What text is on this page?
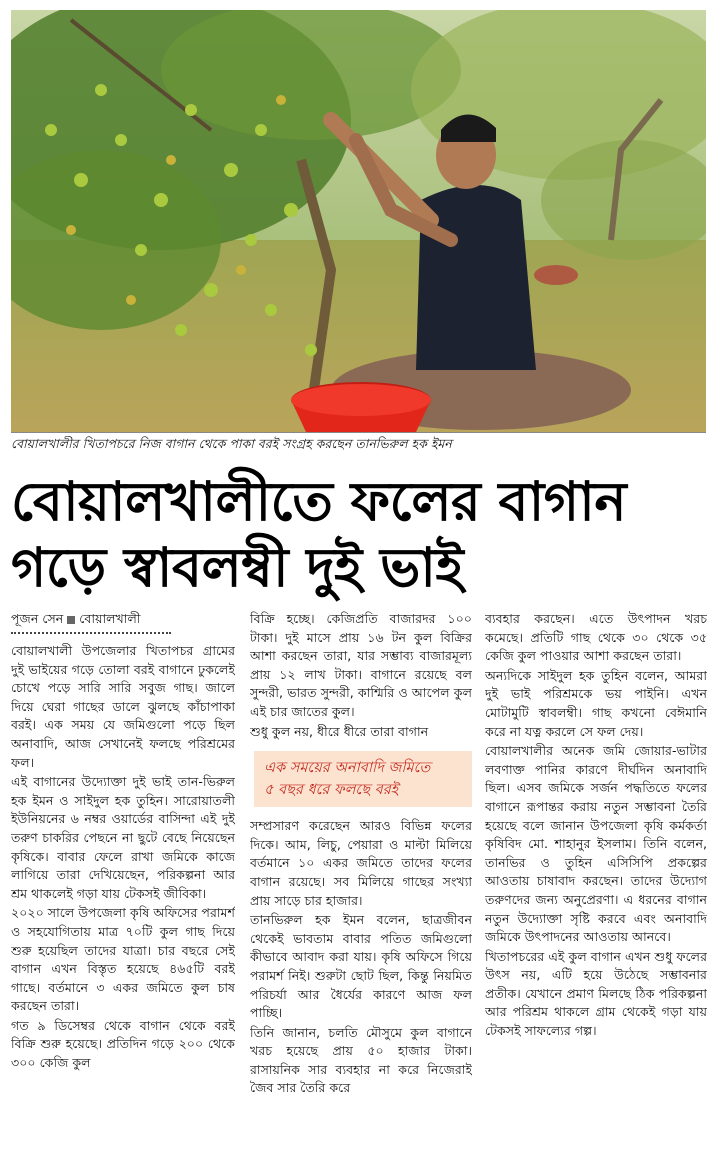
বোয়ালখালীর খিতাপচরে নিজ বাগান থেকে পাকা বরই সংগ্রহ করছেন তানভিরুল হক ইমন
বোয়ালখালীতে ফলের বাগান
গড়ে স্বাবলম্বী দুই ভাই
পূজন সেন বোয়ালখালী

বোয়ালখালী উপজেলার খিতাপচর গ্রামের দুই ভাইয়ের গড়ে তোলা বরই বাগানে ঢুকলেই চোখে পড়ে সারি সারি সবুজ গাছ। জালে দিয়ে ঘেরা গাছের ডালে ঝুলছে কাঁচাপাকা বরই। এক সময় যে জমিগুলো পড়ে ছিল অনাবাদি, আজ সেখানেই ফলছে পরিশ্রমের ফল।

এই বাগানের উদ্যোক্তা দুই ভাই তান-ভিরুল হক ইমন ও সাইদুল হক তুহিন। সারোয়াতলী ইউনিয়নের ৬ নম্বর ওয়ার্ডের বাসিন্দা এই দুই তরুণ চাকরির পেছনে না ছুটে বেছে নিয়েছেন কৃষিকে। বাবার ফেলে রাখা জমিকে কাজে লাগিয়ে তারা দেখিয়েছেন, পরিকল্পনা আর শ্রম থাকলেই গড়া যায় টেকসই জীবিকা।

২০২০ সালে উপজেলা কৃষি অফিসের পরামর্শ ও সহযোগিতায় মাত্র ৭০টি কুল গাছ দিয়ে শুরু হয়েছিল তাদের যাত্রা। চার বছরে সেই বাগান এখন বিস্তৃত হয়েছে ৪৬৫টি বরই গাছে। বর্তমানে ৩ একর জমিতে কুল চাষ করছেন তারা।

গত ৯ ডিসেম্বর থেকে বাগান থেকে বরই বিক্রি শুরু হয়েছে। প্রতিদিন গড়ে ২০০ থেকে ৩০০ কেজি কুল

বিক্রি হচ্ছে। কেজিপ্রতি বাজারদর ১০০ টাকা। দুই মাসে প্রায় ১৬ টন কুল বিক্রির আশা করছেন তারা, যার সম্ভাব্য বাজারমূল্য প্রায় ১২ লাখ টাকা। বাগানে রয়েছে বল সুন্দরী, ভারত সুন্দরী, কাশ্মিরি ও আপেল কুল এই চার জাতের কুল।

শুধু কুল নয়, ধীরে ধীরে তারা বাগান

এক সময়ের অনাবাদি জমিতে
৫ বছর ধরে ফলছে বরই

সম্প্রসারণ করেছেন আরও বিভিন্ন ফলের দিকে। আম, লিচু, পেয়ারা ও মাল্টা মিলিয়ে বর্তমানে ১০ একর জমিতে তাদের ফলের বাগান রয়েছে। সব মিলিয়ে গাছের সংখ্যা প্রায় সাড়ে চার হাজার।

তানভিরুল হক ইমন বলেন, ছাত্রজীবন থেকেই ভাবতাম বাবার পতিত জমিগুলো কীভাবে আবাদ করা যায়। কৃষি অফিসে গিয়ে পরামর্শ নিই। শুরুটা ছোট ছিল, কিন্তু নিয়মিত পরিচর্যা আর ধৈর্যের কারণে আজ ফল পাচ্ছি।

তিনি জানান, চলতি মৌসুমে কুল বাগানে খরচ হয়েছে প্রায় ৫০ হাজার টাকা। রাসায়নিক সার ব্যবহার না করে নিজেরাই জৈব সার তৈরি করে

ব্যবহার করছেন। এতে উৎপাদন খরচ কমেছে। প্রতিটি গাছ থেকে ৩০ থেকে ৩৫ কেজি কুল পাওয়ার আশা করছেন তারা।

অন্যদিকে সাইদুল হক তুহিন বলেন, আমরা দুই ভাই পরিশ্রমকে ভয় পাইনি। এখন মোটামুটি স্বাবলম্বী। গাছ কখনো বেঈমানি করে না যত্ন করলে সে ফল দেয়।

বোয়ালখালীর অনেক জমি জোয়ার-ভাটার লবণাক্ত পানির কারণে দীর্ঘদিন অনাবাদি ছিল। এসব জমিকে সর্জন পদ্ধতিতে ফলের বাগানে রূপান্তর করায় নতুন সম্ভাবনা তৈরি হয়েছে বলে জানান উপজেলা কৃষি কর্মকর্তা কৃষিবিদ মো. শাহানুর ইসলাম। তিনি বলেন, তানভির ও তুহিন এসিসিপি প্রকল্পের আওতায় চাষাবাদ করছেন। তাদের উদ্যোগ তরুণদের জন্য অনুপ্রেরণা। এ ধরনের বাগান নতুন উদ্যোক্তা সৃষ্টি করবে এবং অনাবাদি জমিকে উৎপাদনের আওতায় আনবে।

খিতাপচরের এই কুল বাগান এখন শুধু ফলের উৎস নয়, এটি হয়ে উঠেছে সম্ভাবনার প্রতীক। যেখানে প্রমাণ মিলছে ঠিক পরিকল্পনা আর পরিশ্রম থাকলে গ্রাম থেকেই গড়া যায় টেকসই সাফল্যের গল্প।
